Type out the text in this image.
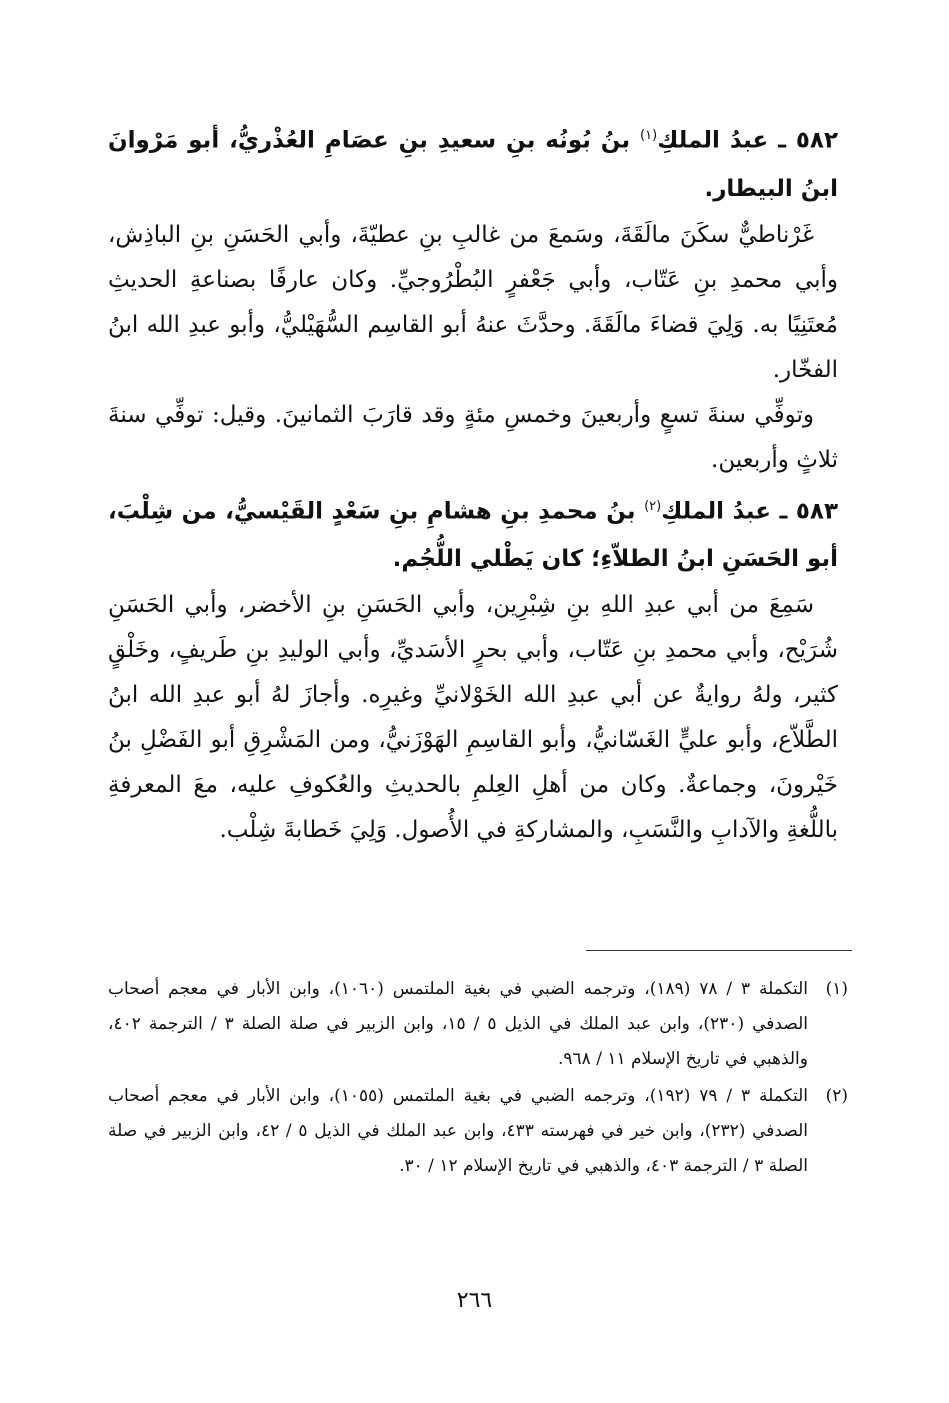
٥٨٢ ـ عبدُ الملكِ$^{(١)}$ بنُ بُونُه بنِ سعيدِ بنِ عصَامِ العُذْريُّ، أبو مَرْوانَ ابنُ البيطار.

غَرْناطيٌّ سكَنَ مالَقَةَ، وسَمعَ من غالبِ بنِ عطيّةَ، وأبي الحَسَنِ بنِ الباذِش، وأبي محمدِ بنِ عَتّاب، وأبي جَعْفرٍ البُطْرُوجيِّ. وكان عارفًا بصناعةِ الحديثِ مُعتَنِيًا به. وَلِيَ قضاءَ مالَقَةَ. وحدَّثَ عنهُ أبو القاسِم السُّهَيْليُّ، وأبو عبدِ الله ابنُ الفخّار.

وتوفِّي سنةَ تسعٍ وأربعينَ وخمسِ مئةٍ وقد قارَبَ الثمانينَ. وقيل: توفِّي سنةَ ثلاثٍ وأربعين.

٥٨٣ ـ عبدُ الملكِ$^{(٢)}$ بنُ محمدِ بنِ هشامِ بنِ سَعْدٍ القَيْسيُّ، من شِلْبَ، أبو الحَسَنِ ابنُ الطلاّءِ؛ كان يَطْلي اللُّجُم.

سَمِعَ من أبي عبدِ اللهِ بنِ شِبْرِين، وأبي الحَسَنِ بنِ الأخضر، وأبي الحَسَنِ شُرَيْح، وأبي محمدِ بنِ عَتّاب، وأبي بحرٍ الأسَديِّ، وأبي الوليدِ بنِ طَريفٍ، وخَلْقٍ كثير، ولهُ روايةٌ عن أبي عبدِ الله الخَوْلانيِّ وغيرِه. وأجازَ لهُ أبو عبدِ الله ابنُ الطَّلاّع، وأبو عليٍّ الغَسّانيُّ، وأبو القاسِمِ الهَوْزَنيُّ، ومن المَشْرِقِ أبو الفَضْلِ بنُ خَيْرونَ، وجماعةٌ. وكان من أهلِ العِلمِ بالحديثِ والعُكوفِ عليه، معَ المعرفةِ باللُّغةِ والآدابِ والنَّسَبِ، والمشاركةِ في الأُصول. وَلِيَ خَطابةَ شِلْب.

(١)
التكملة ٣ / ٧٨ (١٨٩)، وترجمه الضبي في بغية الملتمس (١٠٦٠)، وابن الأبار في معجم أصحاب الصدفي (٢٣٠)، وابن عبد الملك في الذيل ٥ / ١٥، وابن الزبير في صلة الصلة ٣ / الترجمة ٤٠٢، والذهبي في تاريخ الإسلام ١١ / ٩٦٨.
(٢)
التكملة ٣ / ٧٩ (١٩٢)، وترجمه الضبي في بغية الملتمس (١٠٥٥)، وابن الأبار في معجم أصحاب الصدفي (٢٣٢)، وابن خير في فهرسته ٤٣٣، وابن عبد الملك في الذيل ٥ / ٤٢، وابن الزبير في صلة الصلة ٣ / الترجمة ٤٠٣، والذهبي في تاريخ الإسلام ١٢ / ٣٠.
٢٦٦
